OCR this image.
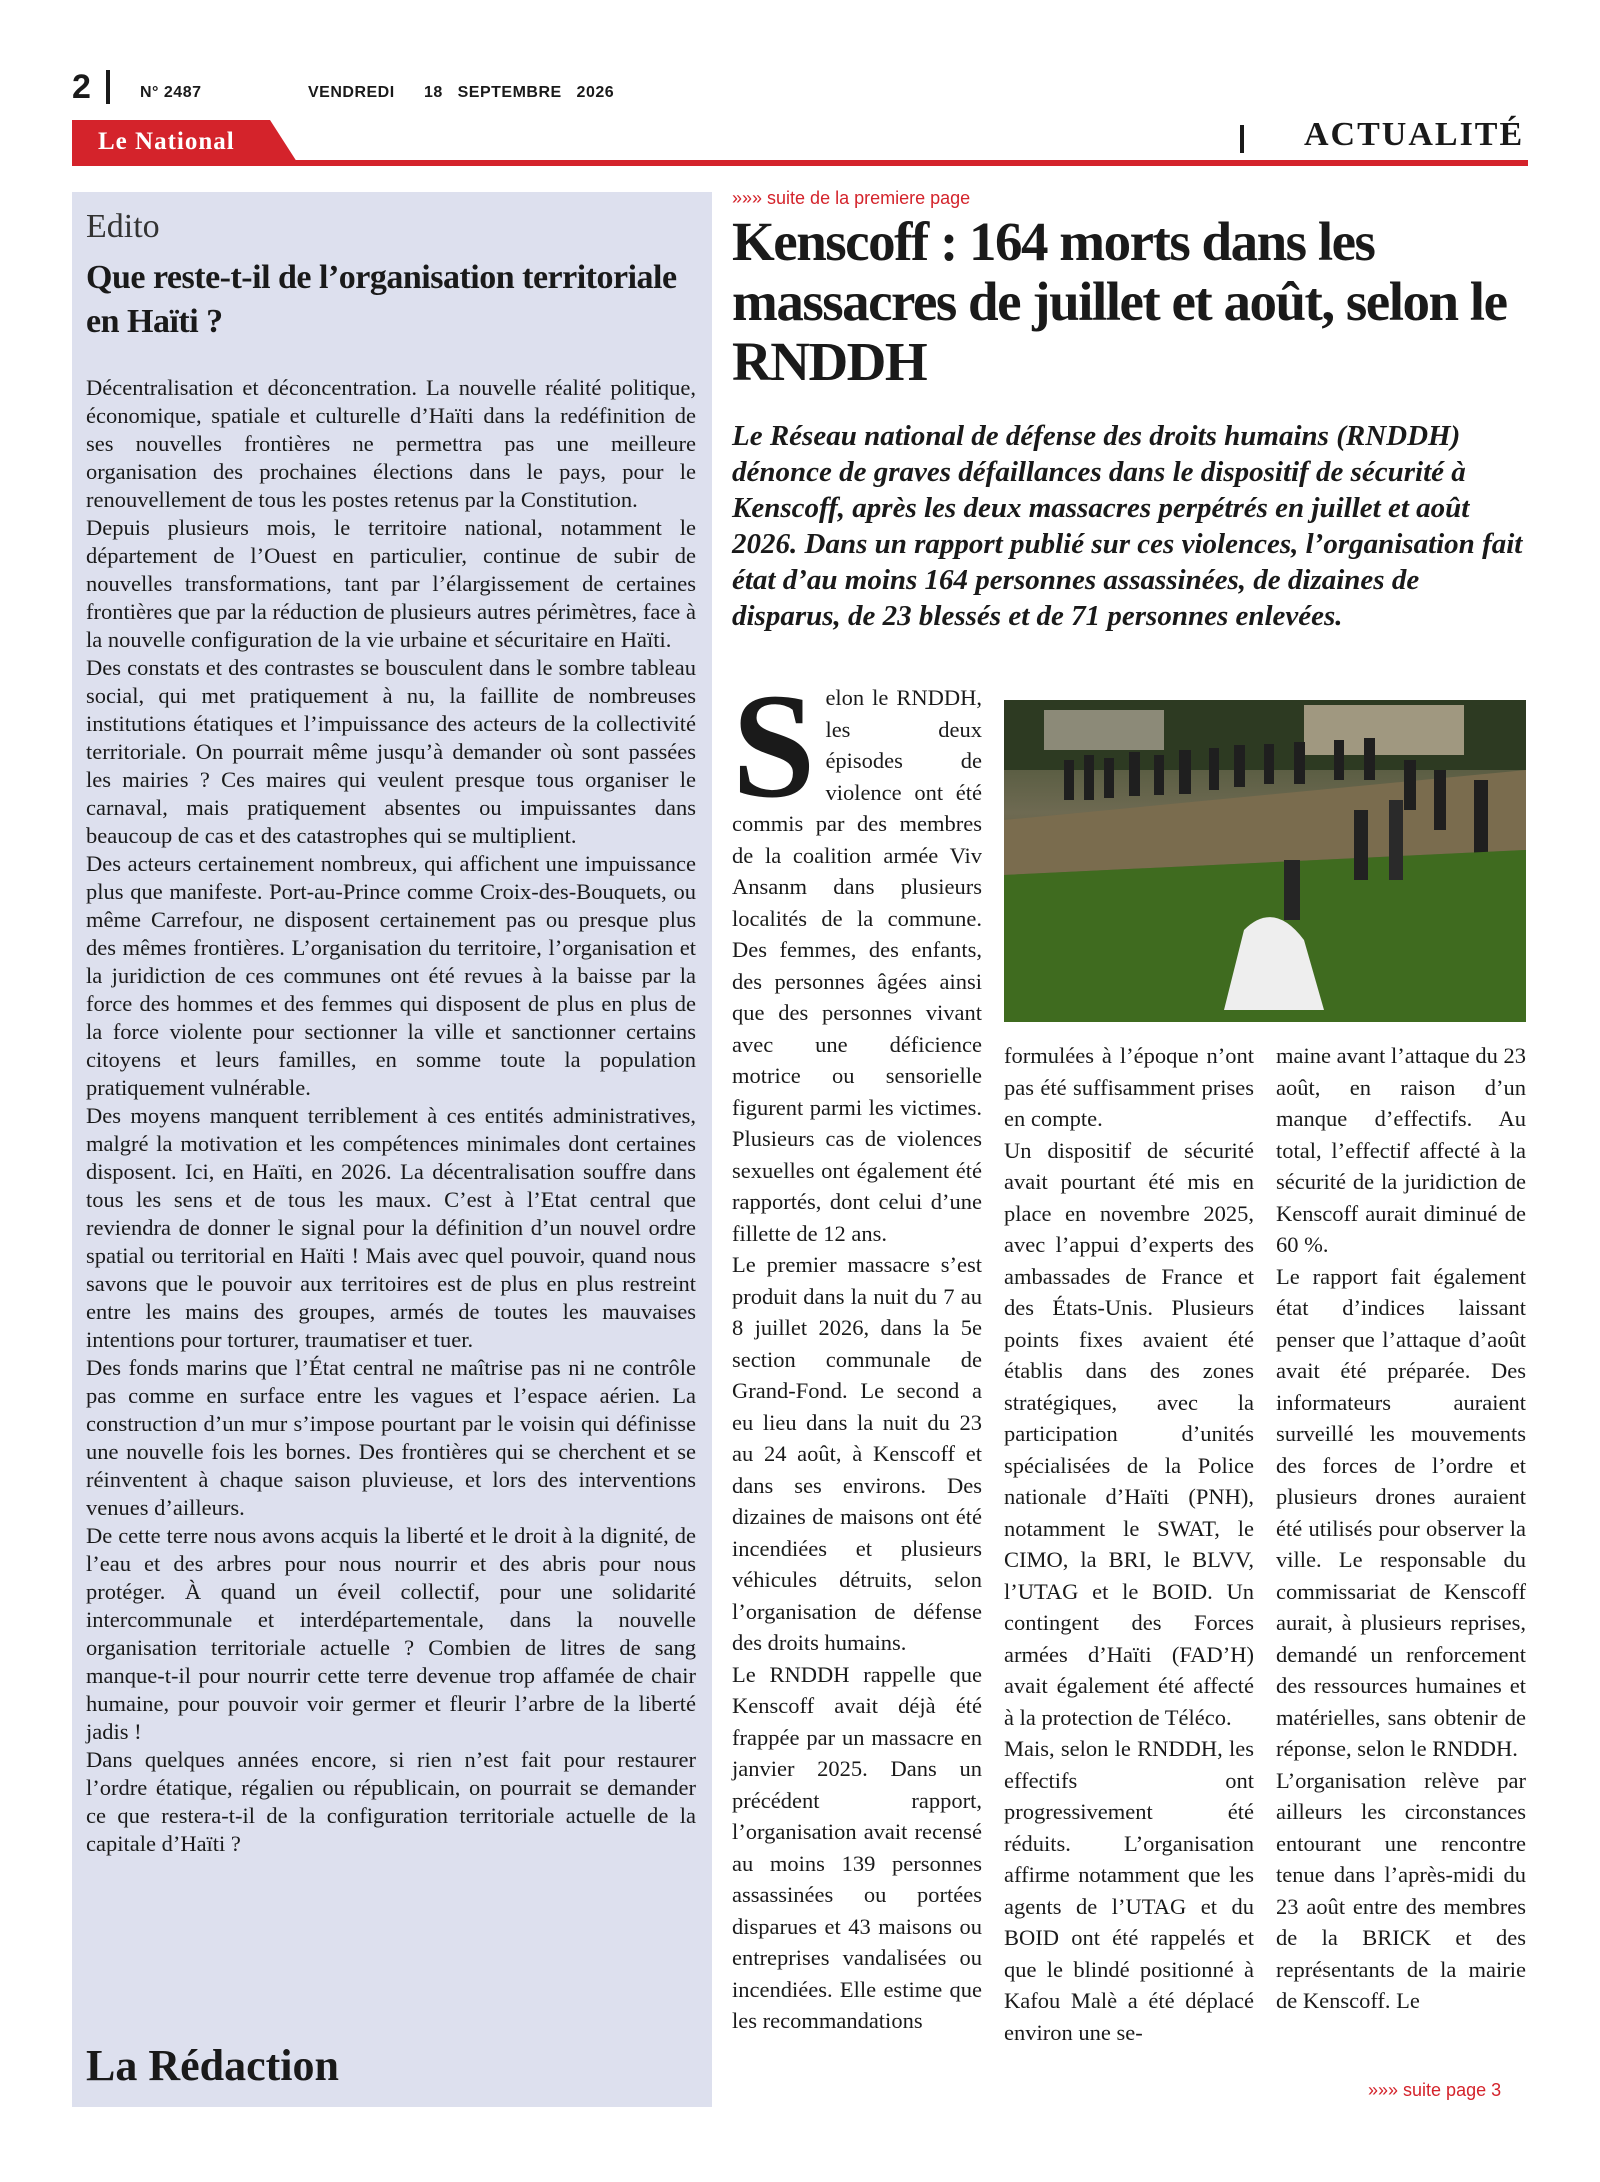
2	N° 2487	VENDREDI 18   SEPTEMBRE   2026
Le National	ACTUALITÉ
Edito
Que reste-t-il de l’organisation territoriale en Haïti ?

Décentralisation et déconcentration. La nouvelle réalité politique, économique, spatiale et culturelle d’Haïti dans la redéfinition de ses nouvelles frontières ne permettra pas une meilleure organisation des prochaines élections dans le pays, pour le renouvellement de tous les postes retenus par la Constitution.

Depuis plusieurs mois, le territoire national, notamment le département de l’Ouest en particulier, continue de subir de nouvelles transformations, tant par l’élargissement de certaines frontières que par la réduction de plusieurs autres périmètres, face à la nouvelle configuration de la vie urbaine et sécuritaire en Haïti.

Des constats et des contrastes se bousculent dans le sombre tableau social, qui met pratiquement à nu, la faillite de nombreuses institutions étatiques et l’impuissance des acteurs de la collectivité territoriale. On pourrait même jusqu’à demander où sont passées les mairies ? Ces maires qui veulent presque tous organiser le carnaval, mais pratiquement absentes ou impuissantes dans beaucoup de cas et des catastrophes qui se multiplient.

Des acteurs certainement nombreux, qui affichent une impuissance plus que manifeste. Port-au-Prince comme Croix-des-Bouquets, ou même Carrefour, ne disposent certainement pas ou presque plus des mêmes frontières. L’organisation du territoire, l’organisation et la juridiction de ces communes ont été revues à la baisse par la force des hommes et des femmes qui disposent de plus en plus de la force violente pour sectionner la ville et sanctionner certains citoyens et leurs familles, en somme toute la population pratiquement vulnérable.

Des moyens manquent terriblement à ces entités administratives, malgré la motivation et les compétences minimales dont certaines disposent. Ici, en Haïti, en 2026. La décentralisation souffre dans tous les sens et de tous les maux. C’est à l’Etat central que reviendra de donner le signal pour la définition d’un nouvel ordre spatial ou territorial en Haïti ! Mais avec quel pouvoir, quand nous savons que le pouvoir aux territoires est de plus en plus restreint entre les mains des groupes, armés de toutes les mauvaises intentions pour torturer, traumatiser et tuer.

Des fonds marins que l’État central ne maîtrise pas ni ne contrôle pas comme en surface entre les vagues et l’espace aérien. La construction d’un mur s’impose pourtant par le voisin qui définisse une nouvelle fois les bornes. Des frontières qui se cherchent et se réinventent à chaque saison pluvieuse, et lors des interventions venues d’ailleurs.

De cette terre nous avons acquis la liberté et le droit à la dignité, de l’eau et des arbres pour nous nourrir et des abris pour nous protéger. À quand un éveil collectif, pour une solidarité intercommunale et interdépartementale, dans la nouvelle organisation territoriale actuelle ? Combien de litres de sang manque-t-il pour nourrir cette terre devenue trop affamée de chair humaine, pour pouvoir voir germer et fleurir l’arbre de la liberté jadis !

Dans quelques années encore, si rien n’est fait pour restaurer l’ordre étatique, régalien ou républicain, on pourrait se demander ce que restera-t-il de la configuration territoriale actuelle de la capitale d’Haïti ?

La Rédaction
»»» suite de la premiere page
Kenscoff : 164 morts dans les massacres de juillet et août, selon le RNDDH
Le Réseau national de défense des droits humains (RNDDH) dénonce de graves défaillances dans le dispositif de sécurité à Kenscoff, après les deux massacres perpétrés en juillet et août 2026. Dans un rapport publié sur ces violences, l’organisation fait état d’au moins 164 personnes assassinées, de dizaines de disparus, de 23 blessés et de 71 personnes enlevées.
S elon le RNDDH, les deux épisodes de violence ont été commis par des membres de la coalition armée Viv Ansanm dans plusieurs localités de la commune. Des femmes, des enfants, des personnes âgées ainsi que des personnes vivant avec une déficience motrice ou sensorielle figurent parmi les victimes. Plusieurs cas de violences sexuelles ont également été rapportés, dont celui d’une fillette de 12 ans.

Le premier massacre s’est produit dans la nuit du 7 au 8 juillet 2026, dans la 5e section communale de Grand-Fond. Le second a eu lieu dans la nuit du 23 au 24 août, à Kenscoff et dans ses environs. Des dizaines de maisons ont été incendiées et plusieurs véhicules détruits, selon l’organisation de défense des droits humains.

Le RNDDH rappelle que Kenscoff avait déjà été frappée par un massacre en janvier 2025. Dans un précédent rapport, l’organisation avait recensé au moins 139 personnes assassinées ou portées disparues et 43 maisons ou entreprises vandalisées ou incendiées. Elle estime que les recommandations

formulées à l’époque n’ont pas été suffisamment prises en compte.

Un dispositif de sécurité avait pourtant été mis en place en novembre 2025, avec l’appui d’experts des ambassades de France et des États-Unis. Plusieurs points fixes avaient été établis dans des zones stratégiques, avec la participation d’unités spécialisées de la Police nationale d’Haïti (PNH), notamment le SWAT, le CIMO, la BRI, le BLVV, l’UTAG et le BOID. Un contingent des Forces armées d’Haïti (FAD’H) avait également été affecté à la protection de Téléco.

Mais, selon le RNDDH, les effectifs ont progressivement été réduits. L’organisation affirme notamment que les agents de l’UTAG et du BOID ont été rappelés et que le blindé positionné à Kafou Malè a été déplacé environ une se-

maine avant l’attaque du 23 août, en raison d’un manque d’effectifs. Au total, l’effectif affecté à la sécurité de la juridiction de Kenscoff aurait diminué de 60 %.

Le rapport fait également état d’indices laissant penser que l’attaque d’août avait été préparée. Des informateurs auraient surveillé les mouvements des forces de l’ordre et plusieurs drones auraient été utilisés pour observer la ville. Le responsable du commissariat de Kenscoff aurait, à plusieurs reprises, demandé un renforcement des ressources humaines et matérielles, sans obtenir de réponse, selon le RNDDH.

L’organisation relève par ailleurs les circonstances entourant une rencontre tenue dans l’après-midi du 23 août entre des membres de la BRICK et des représentants de la mairie de Kenscoff. Le

»»» suite page 3
